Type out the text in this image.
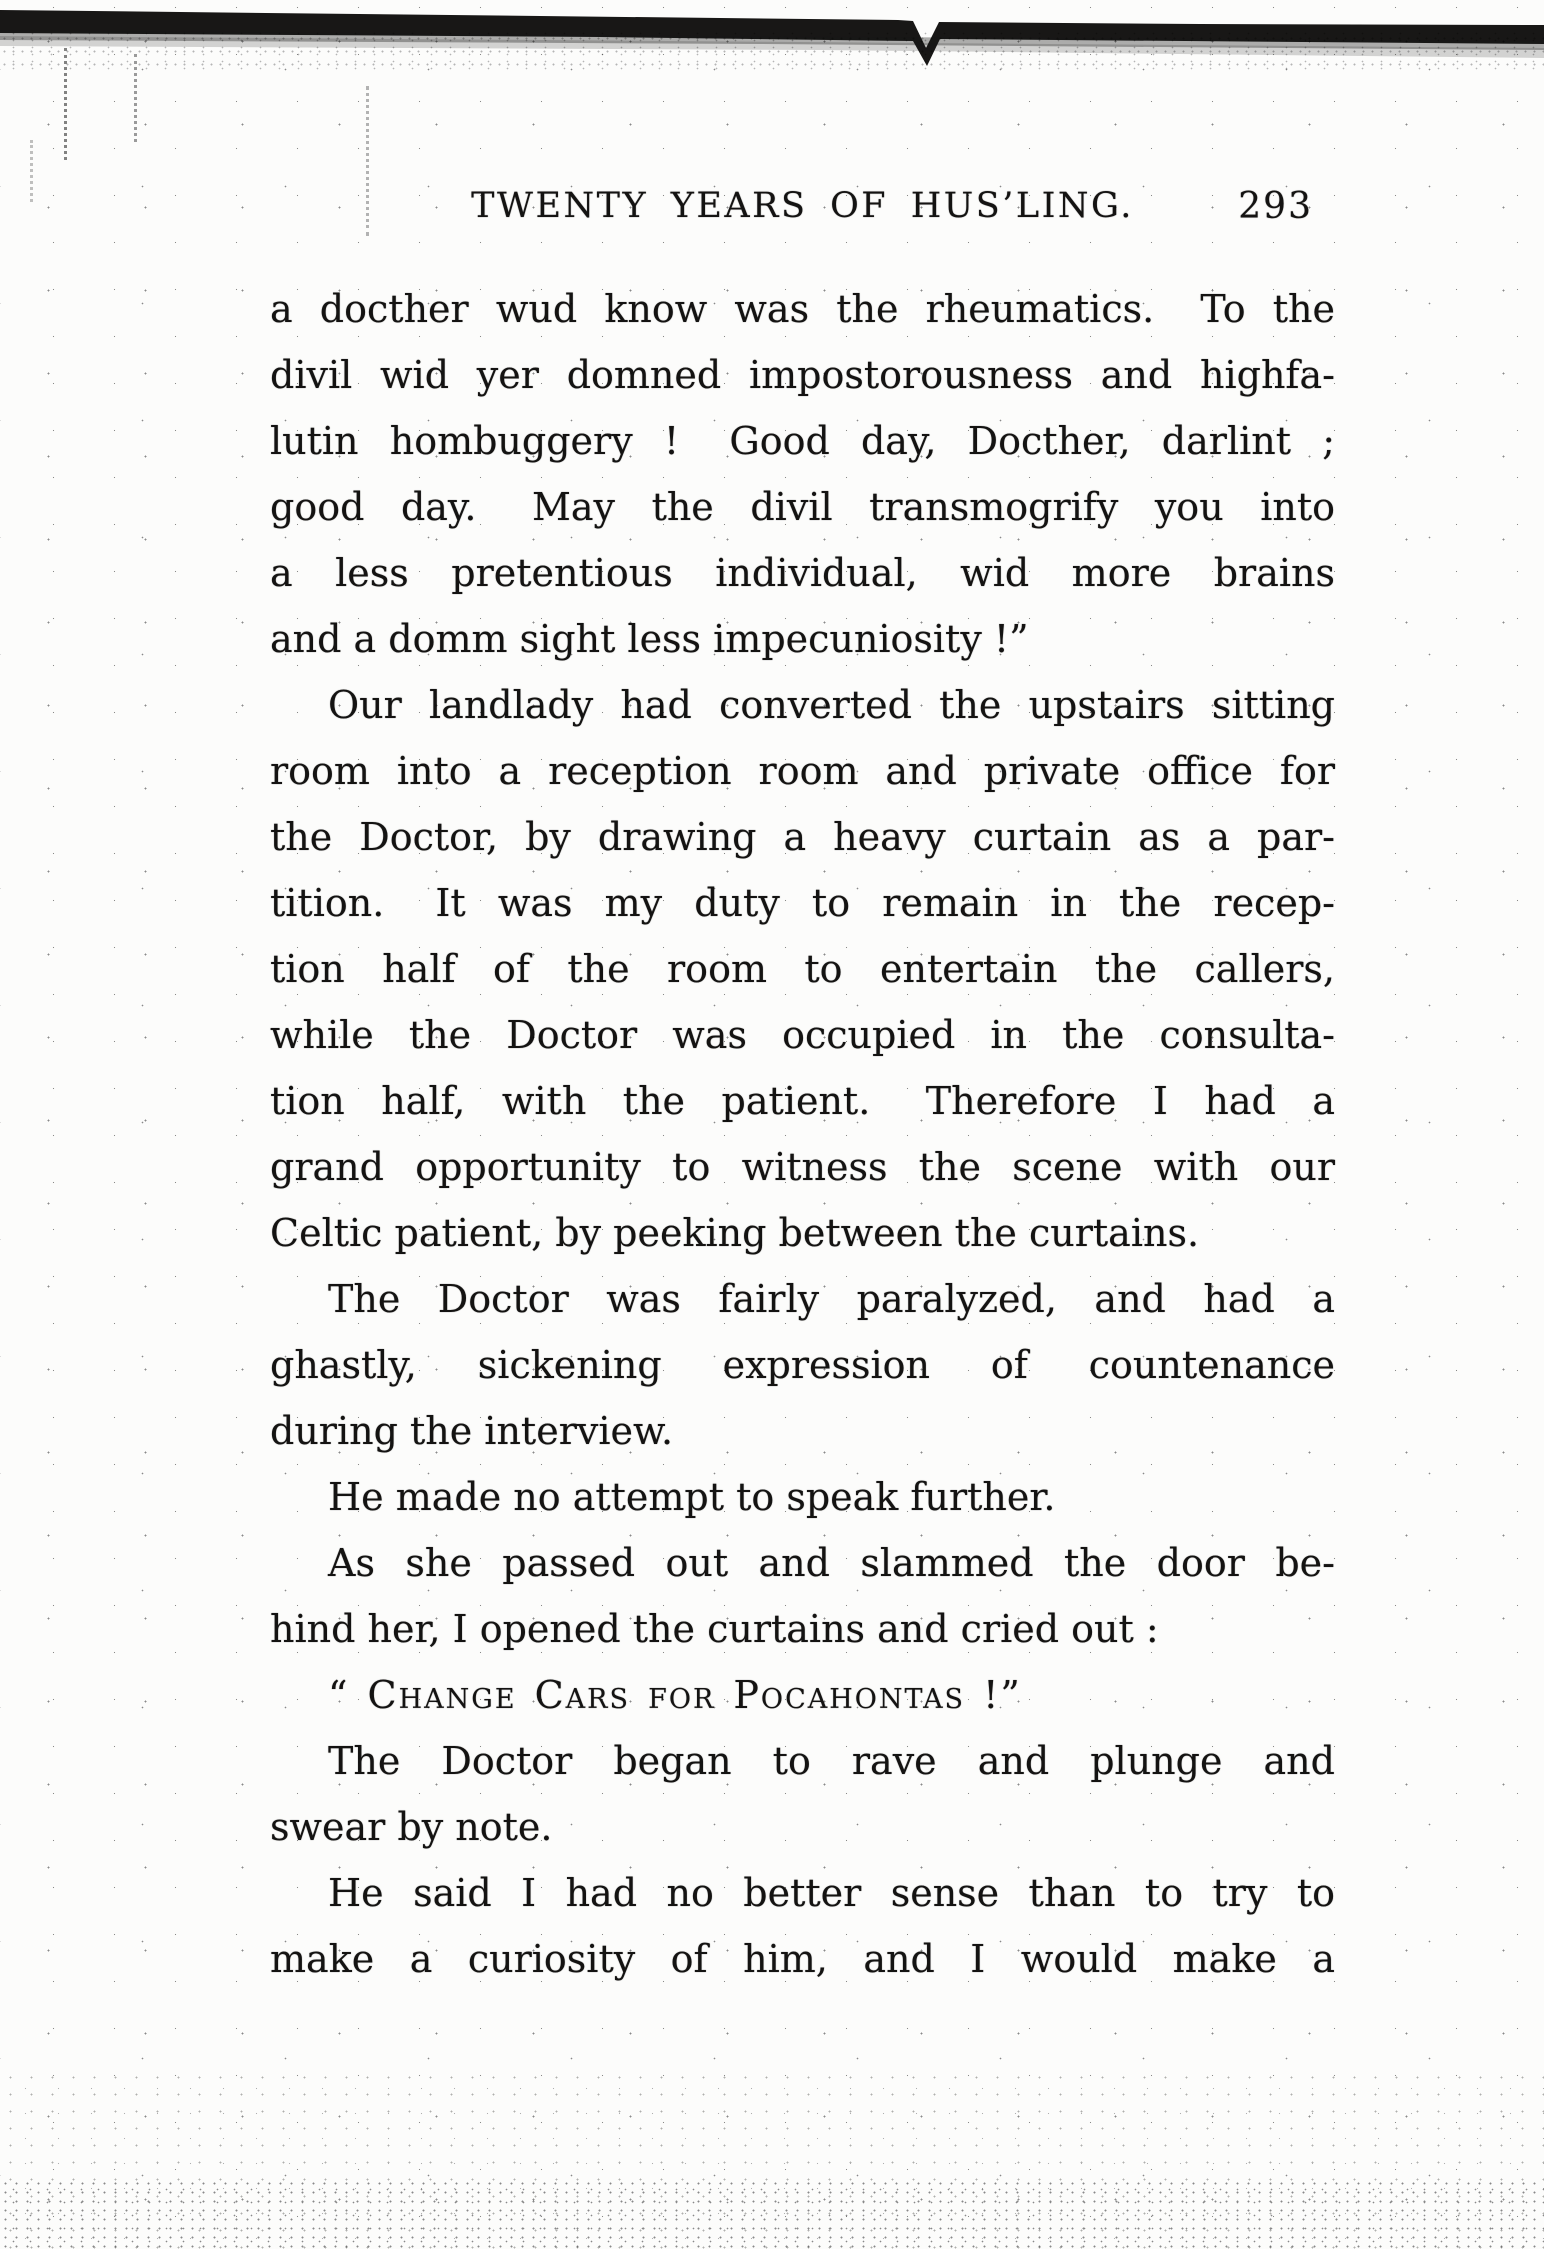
TWENTY YEARS OF HUS’LING.	293
a docther wud know was the rheumatics.  To the
divil wid yer domned impostorousness and highfa-
lutin hombuggery !  Good day, Docther, darlint ;
good day.  May the divil transmogrify you into
a less pretentious individual, wid more brains
and a domm sight less impecuniosity !”
Our landlady had converted the upstairs sitting
room into a reception room and private office for
the Doctor, by drawing a heavy curtain as a par-
tition.  It was my duty to remain in the recep-
tion half of the room to entertain the callers,
while the Doctor was occupied in the consulta-
tion half, with the patient.  Therefore I had a
grand opportunity to witness the scene with our
Celtic patient, by peeking between the curtains.
The Doctor was fairly paralyzed, and had a
ghastly, sickening expression of countenance
during the interview.
He made no attempt to speak further.
As she passed out and slammed the door be-
hind her, I opened the curtains and cried out :
“ Change Cars for Pocahontas !”
The Doctor began to rave and plunge and
swear by note.
He said I had no better sense than to try to
make a curiosity of him, and I would make a
